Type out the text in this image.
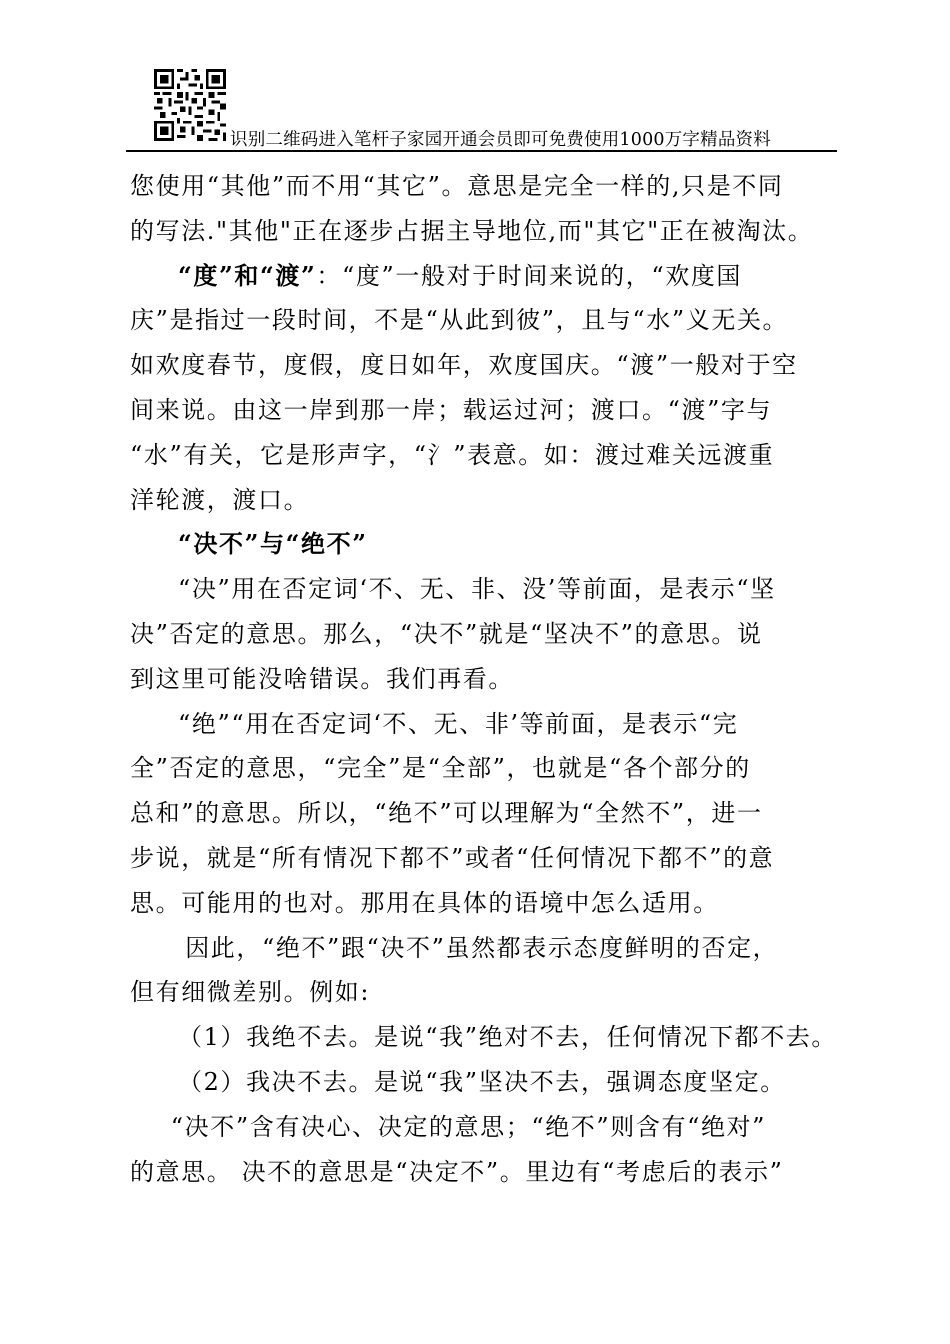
识别二维码进入笔杆子家园开通会员即可免费使用1000万字精品资料
您使用“其他”而不用“其它”。意思是完全一样的,只是不同
的写法."其他"正在逐步占据主导地位,而"其它"正在被淘汰。
“度”和“渡”：“度”一般对于时间来说的，“欢度国
庆”是指过一段时间，不是“从此到彼”，且与“水”义无关。
如欢度春节，度假，度日如年，欢度国庆。“渡”一般对于空
间来说。由这一岸到那一岸；载运过河；渡口。“渡”字与
“水”有关，它是形声字，“氵”表意。如：渡过难关远渡重
洋轮渡，渡口。
“决不”与“绝不”
“决”用在否定词‘不、无、非、没’等前面，是表示“坚
决”否定的意思。那么，“决不”就是“坚决不”的意思。说
到这里可能没啥错误。我们再看。
“绝”“用在否定词‘不、无、非’等前面，是表示“完
全”否定的意思，“完全”是“全部”，也就是“各个部分的
总和”的意思。所以，“绝不”可以理解为“全然不”，进一
步说，就是“所有情况下都不”或者“任何情况下都不”的意
思。可能用的也对。那用在具体的语境中怎么适用。
因此，“绝不”跟“决不”虽然都表示态度鲜明的否定，
但有细微差别。例如:
（1）我绝不去。是说“我”绝对不去，任何情况下都不去。
（2）我决不去。是说“我”坚决不去，强调态度坚定。
“决不”含有决心、决定的意思；“绝不”则含有“绝对”
的意思。 决不的意思是“决定不”。里边有“考虑后的表示”
